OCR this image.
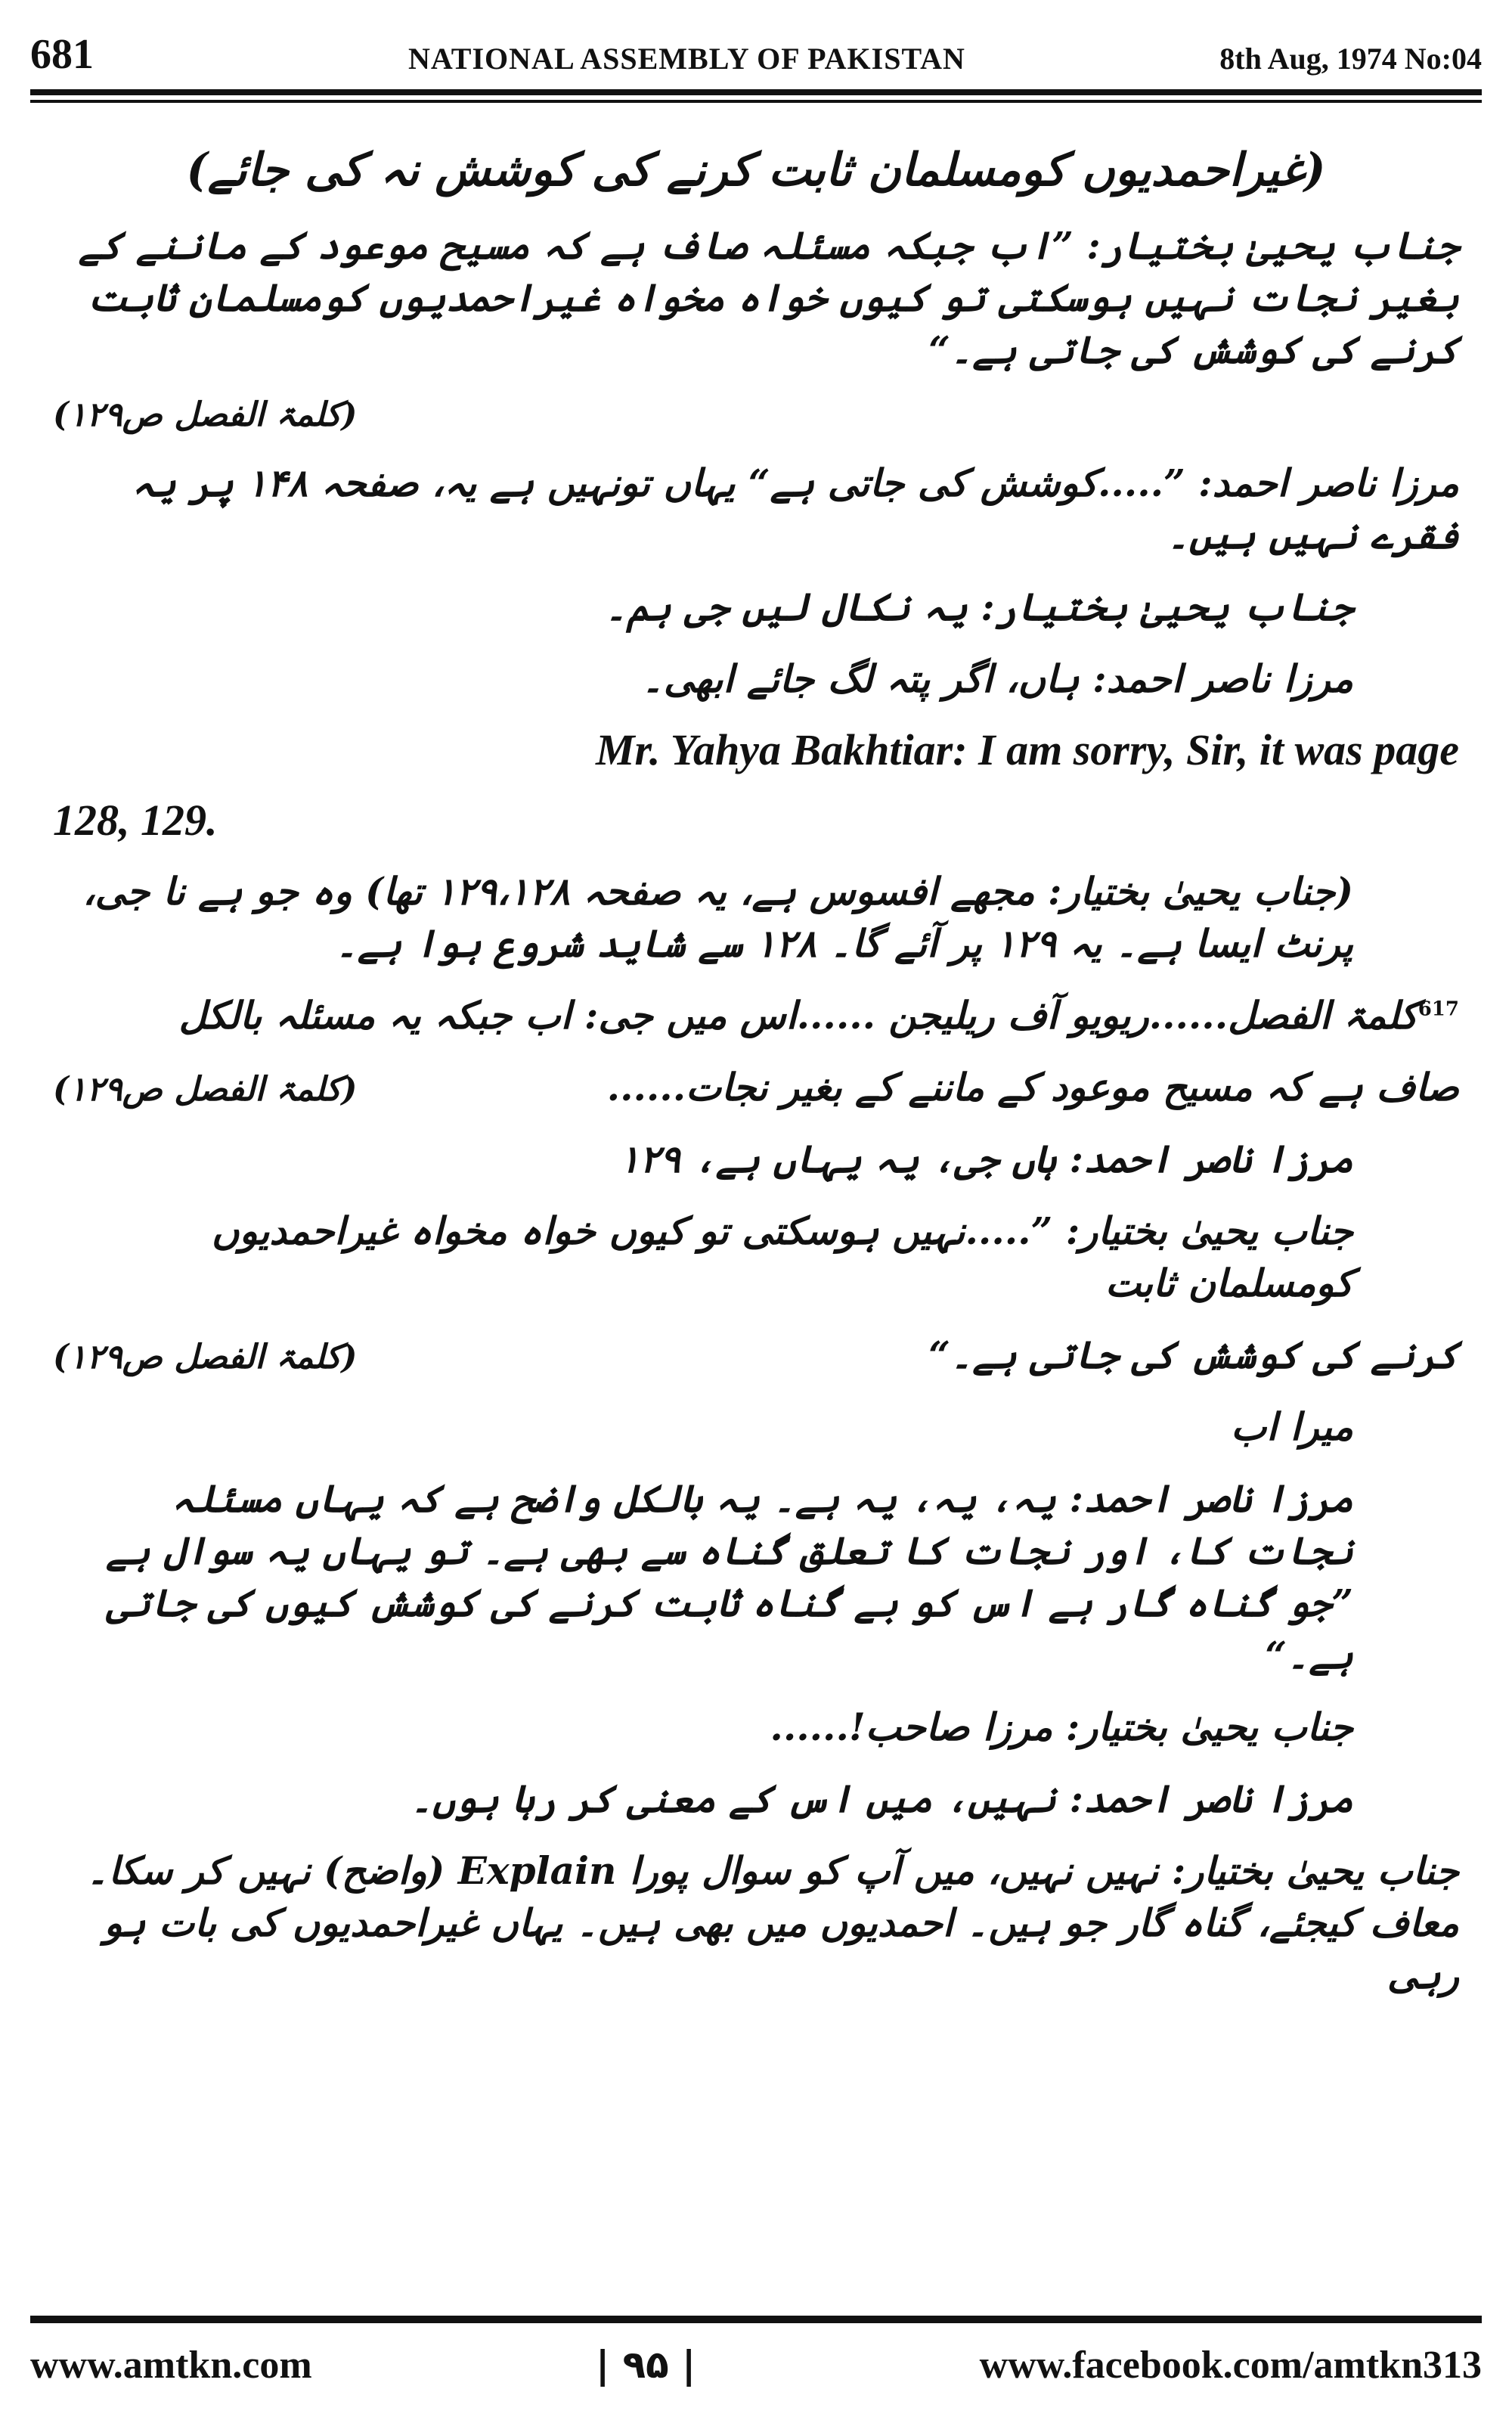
681	NATIONAL ASSEMBLY OF PAKISTAN	8th Aug, 1974 No:04
(غیراحمدیوں کومسلمان ثابت کرنے کی کوشش نہ کی جائے)

جناب یحییٰ بختیار: ”اب جبکہ مسئلہ صاف ہے کہ مسیح موعود کے ماننے کے بغیر نجات نہیں ہوسکتی تو کیوں خواہ مخواہ غیراحمدیوں کومسلمان ثابت کرنے کی کوشش کی جاتی ہے۔“

(کلمۃ الفصل ص۱۲۹)

مرزا ناصر احمد: ”.....کوشش کی جاتی ہے“ یہاں تونہیں ہے یہ، صفحہ ۱۴۸ پر یہ فقرے نہیں ہیں۔

جناب یحییٰ بختیار: یہ نکال لیں جی ہم۔

مرزا ناصر احمد: ہاں، اگر پتہ لگ جائے ابھی۔

Mr. Yahya Bakhtiar: I am sorry, Sir, it was page
128, 129.

(جناب یحییٰ بختیار: مجھے افسوس ہے، یہ صفحہ ۱۲۹،۱۲۸ تھا) وہ جو ہے نا جی، پرنٹ ایسا ہے۔ یہ ۱۲۹ پر آئے گا۔ ۱۲۸ سے شاید شروع ہوا ہے۔

$^{617}$کلمۃ الفصل......ریویو آف ریلیجن ......اس میں جی: اب جبکہ یہ مسئلہ بالکل

(کلمۃ الفصل ص۱۲۹)	صاف ہے کہ مسیح موعود کے ماننے کے بغیر نجات......

مرزا ناصر احمد: ہاں جی، یہ یہاں ہے، ۱۲۹

جناب یحییٰ بختیار: ”.....نہیں ہوسکتی تو کیوں خواہ مخواہ غیراحمدیوں کومسلمان ثابت

(کلمۃ الفصل ص۱۲۹)	کرنے کی کوشش کی جاتی ہے۔“

میرا اب

مرزا ناصر احمد: یہ، یہ، یہ ہے۔ یہ بالکل واضح ہے کہ یہاں مسئلہ نجات کا، اور نجات کا تعلق گناہ سے بھی ہے۔ تو یہاں یہ سوال ہے ”جو گناہ گار ہے اس کو بے گناہ ثابت کرنے کی کوشش کیوں کی جاتی ہے۔“

جناب یحییٰ بختیار: مرزا صاحب!......

مرزا ناصر احمد: نہیں، میں اس کے معنی کر رہا ہوں۔

جناب یحییٰ بختیار: نہیں نہیں، میں آپ کو سوال پورا Explain (واضح) نہیں کر سکا۔ معاف کیجئے، گناہ گار جو ہیں۔ احمدیوں میں بھی ہیں۔ یہاں غیراحمدیوں کی بات ہو رہی

www.amtkn.com	| ۹۵ |	www.facebook.com/amtkn313
